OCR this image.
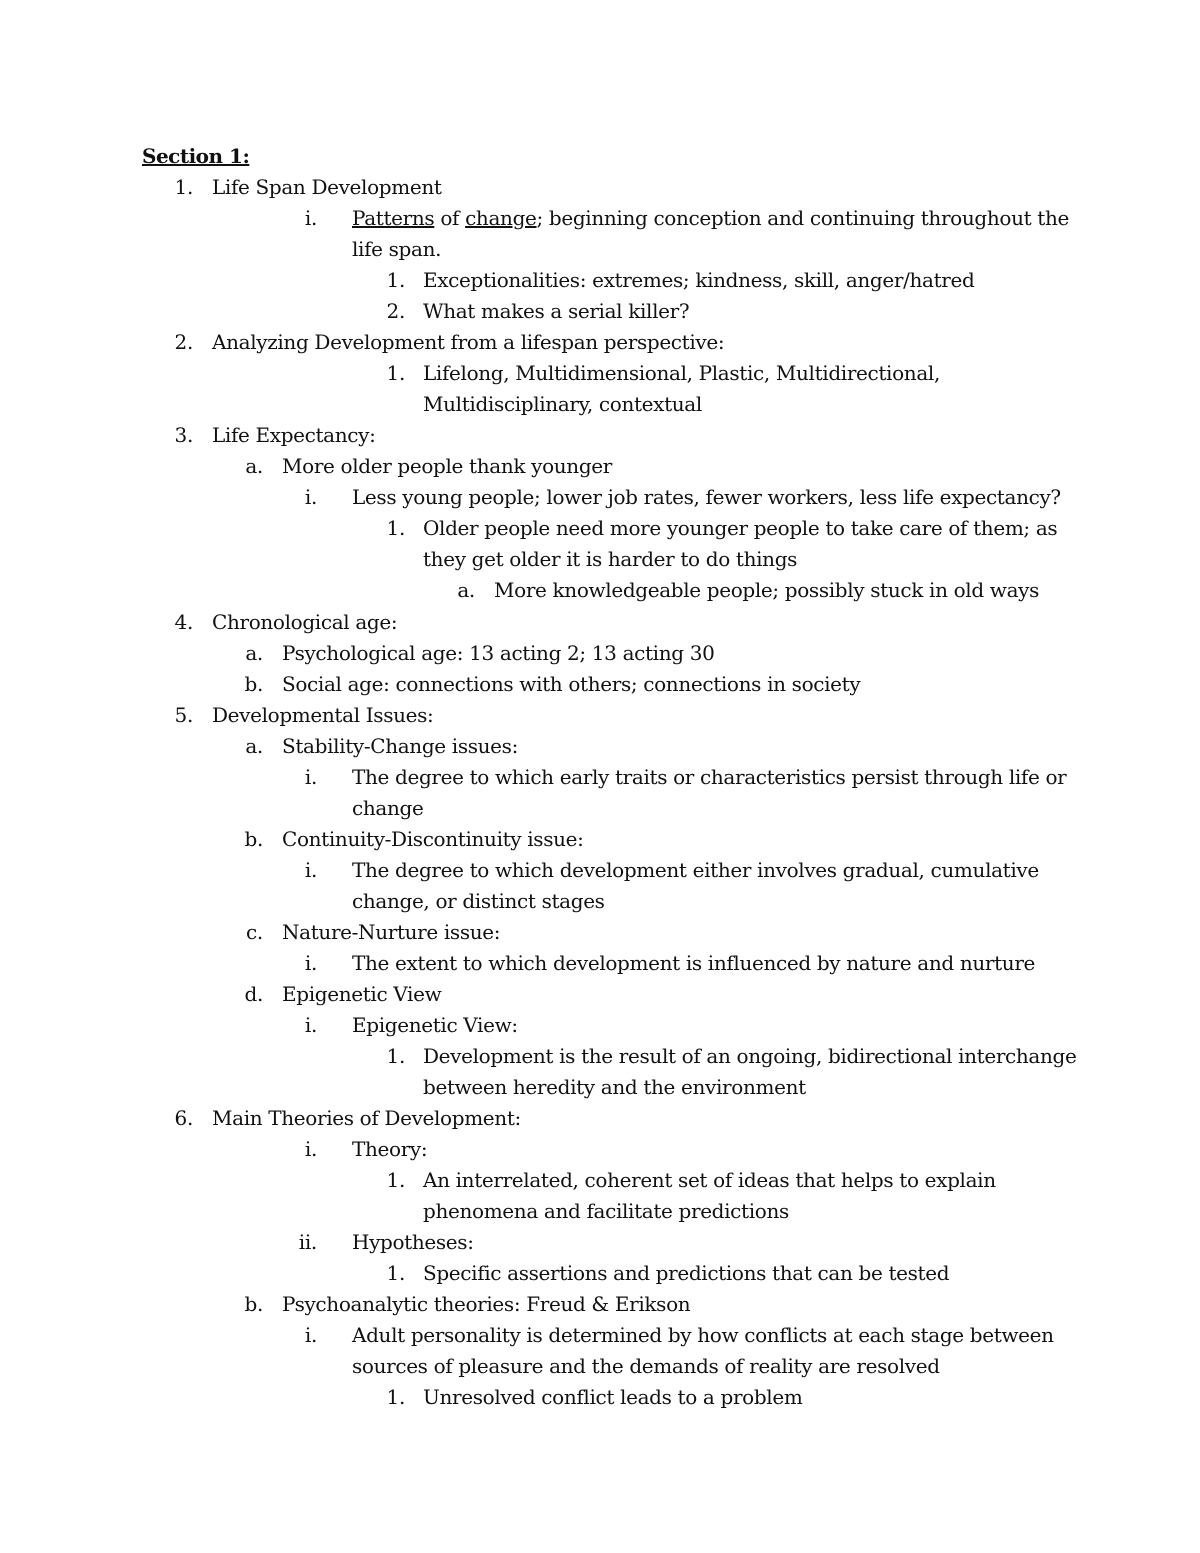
Section 1:
1. Life Span Development
i. Patterns of change; beginning conception and continuing throughout the
life span.
1. Exceptionalities: extremes; kindness, skill, anger/hatred
2. What makes a serial killer?
2. Analyzing Development from a lifespan perspective:
1. Lifelong, Multidimensional, Plastic, Multidirectional,
Multidisciplinary, contextual
3. Life Expectancy:
a. More older people thank younger
i. Less young people; lower job rates, fewer workers, less life expectancy?
1. Older people need more younger people to take care of them; as
they get older it is harder to do things
a. More knowledgeable people; possibly stuck in old ways
4. Chronological age:
a. Psychological age: 13 acting 2; 13 acting 30
b. Social age: connections with others; connections in society
5. Developmental Issues:
a. Stability-Change issues:
i. The degree to which early traits or characteristics persist through life or
change
b. Continuity-Discontinuity issue:
i. The degree to which development either involves gradual, cumulative
change, or distinct stages
c. Nature-Nurture issue:
i. The extent to which development is influenced by nature and nurture
d. Epigenetic View
i. Epigenetic View:
1. Development is the result of an ongoing, bidirectional interchange
between heredity and the environment
6. Main Theories of Development:
i. Theory:
1. An interrelated, coherent set of ideas that helps to explain
phenomena and facilitate predictions
ii. Hypotheses:
1. Specific assertions and predictions that can be tested
b. Psychoanalytic theories: Freud & Erikson
i. Adult personality is determined by how conflicts at each stage between
sources of pleasure and the demands of reality are resolved
1. Unresolved conflict leads to a problem
